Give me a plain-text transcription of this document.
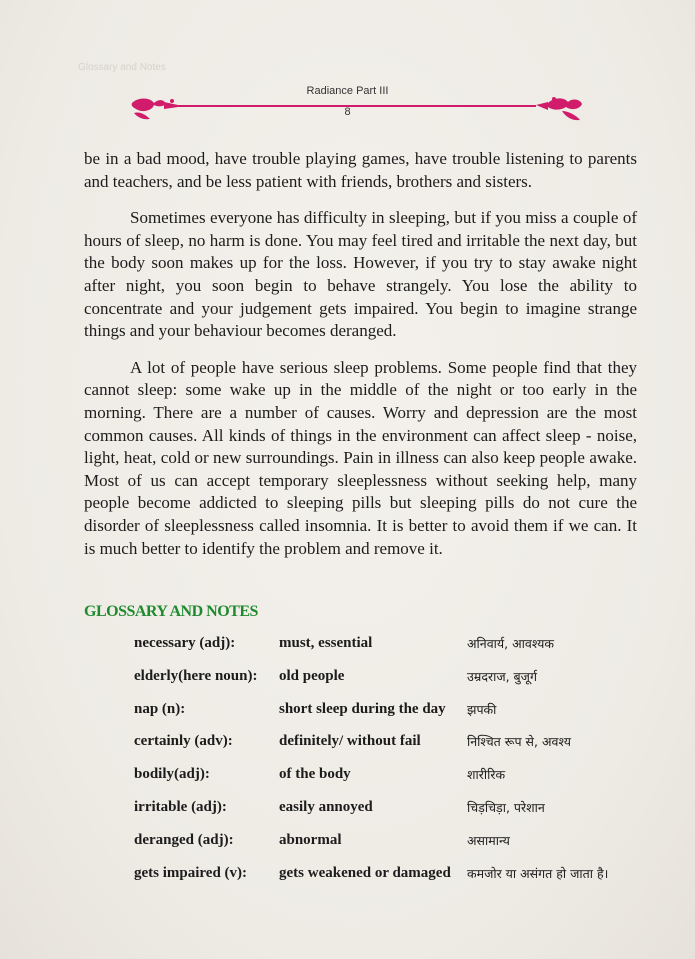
Glossary and Notes
Radiance Part III
8

be in a bad mood, have trouble playing games, have trouble listening to parents and teachers, and be less patient with friends, brothers and sisters.

Sometimes everyone has difficulty in sleeping, but if you miss a couple of hours of sleep, no harm is done. You may feel tired and irritable the next day, but the body soon makes up for the loss. However, if you try to stay awake night after night, you soon begin to behave strangely. You lose the ability to concentrate and your judgement gets impaired. You begin to imagine strange things and your behaviour becomes deranged.

A lot of people have serious sleep problems. Some people find that they cannot sleep: some wake up in the middle of the night or too early in the morning. There are a number of causes. Worry and depression are the most common causes. All kinds of things in the environment can affect sleep - noise, light, heat, cold or new surroundings. Pain in illness can also keep people awake. Most of us can accept temporary sleeplessness without seeking help, many people become addicted to sleeping pills but sleeping pills do not cure the disorder of sleeplessness called insomnia. It is better to avoid them if we can. It is much better to identify the problem and remove it.

GLOSSARY AND NOTES
necessary (adj):	must, essential	अनिवार्य, आवश्यक
elderly(here noun):	old people	उम्रदराज, बुजूर्ग
nap (n):	short sleep during the day	झपकी
certainly (adv):	definitely/ without fail	निश्चित रूप से, अवश्य
bodily(adj):	of the body	शारीरिक
irritable (adj):	easily annoyed	चिड़चिड़ा, परेशान
deranged (adj):	abnormal	असामान्य
gets impaired (v):	gets weakened or damaged	कमजोर या असंगत हो जाता है।
